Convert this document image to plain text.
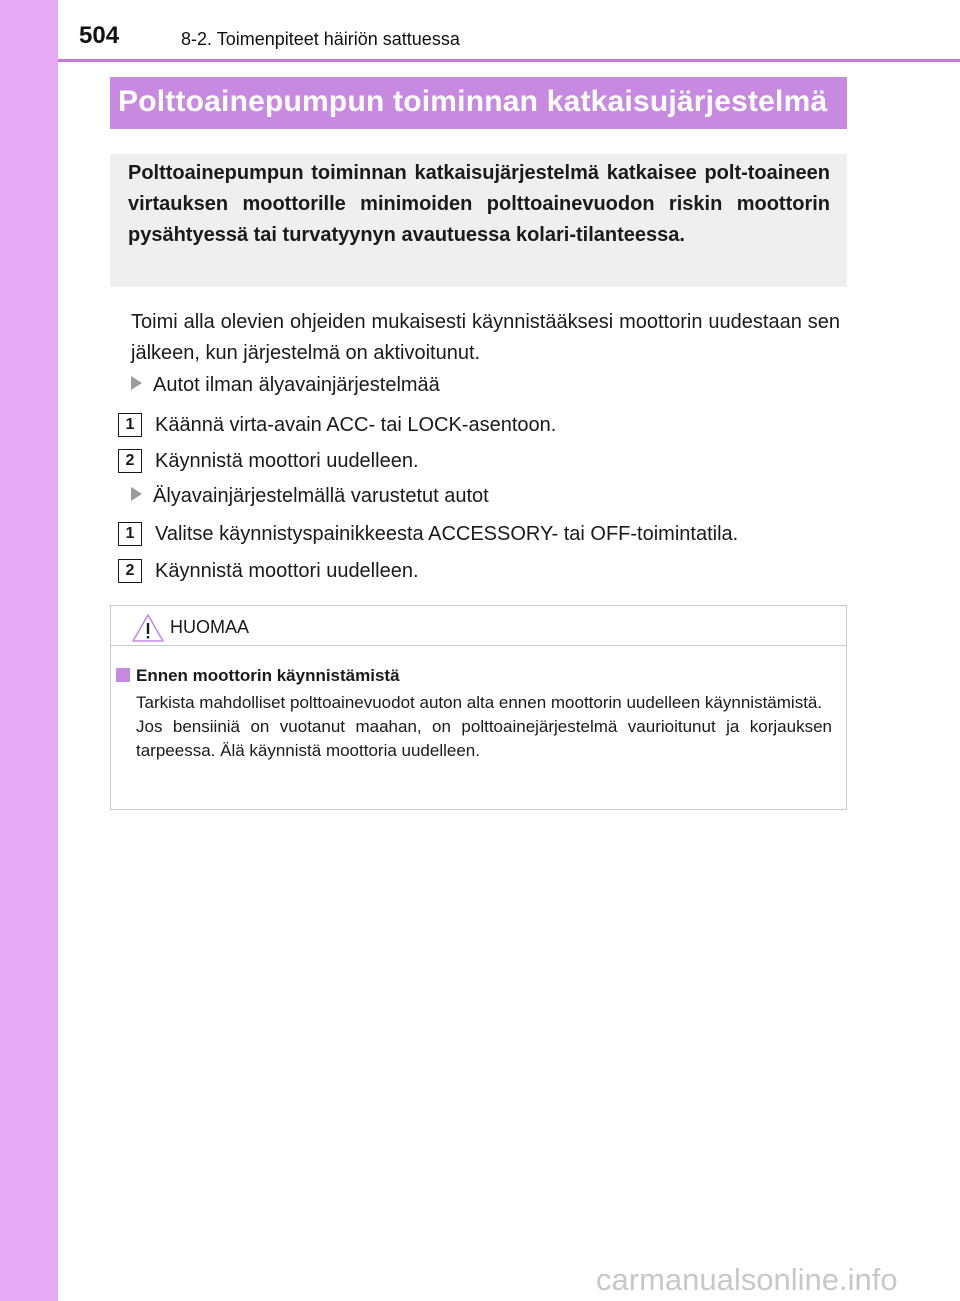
504	8-2. Toimenpiteet häiriön sattuessa
Polttoainepumpun toiminnan katkaisujärjestelmä
Polttoainepumpun toiminnan katkaisujärjestelmä katkaisee polt-toaineen virtauksen moottorille minimoiden polttoainevuodon riskin moottorin pysähtyessä tai turvatyynyn avautuessa kolari-tilanteessa.
Toimi alla olevien ohjeiden mukaisesti käynnistääksesi moottorin uudestaan sen jälkeen, kun järjestelmä on aktivoitunut.
Autot ilman älyavainjärjestelmää
1	Käännä virta-avain ACC- tai LOCK-asentoon.
2	Käynnistä moottori uudelleen.
Älyavainjärjestelmällä varustetut autot
1	Valitse käynnistyspainikkeesta ACCESSORY- tai OFF-toimintatila.
2	Käynnistä moottori uudelleen.
HUOMAA
Ennen moottorin käynnistämistä
Tarkista mahdolliset polttoainevuodot auton alta ennen moottorin uudelleen käynnistämistä.
Jos bensiiniä on vuotanut maahan, on polttoainejärjestelmä vaurioitunut ja korjauksen tarpeessa. Älä käynnistä moottoria uudelleen.
carmanualsonline.info
